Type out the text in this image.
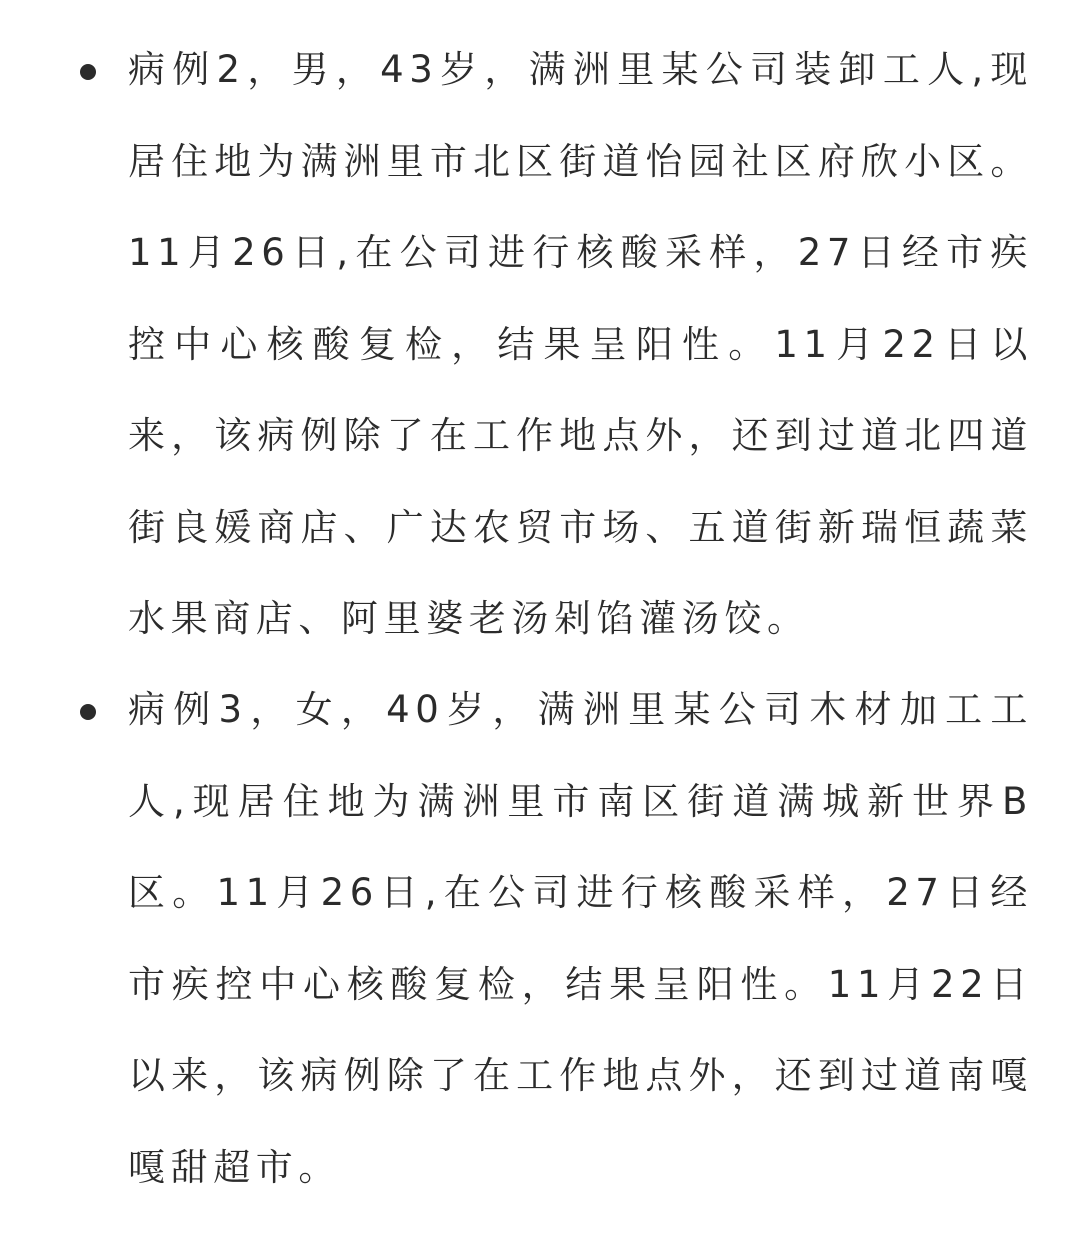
病例2，男，43岁，满洲里某公司装卸工人,现居住地为满洲里市北区街道怡园社区府欣小区。11月26日,在公司进行核酸采样，27日经市疾控中心核酸复检，结果呈阳性。11月22日以来，该病例除了在工作地点外，还到过道北四道街良媛商店、广达农贸市场、五道街新瑞恒蔬菜水果商店、阿里婆老汤剁馅灌汤饺。

病例3，女，40岁，满洲里某公司木材加工工人,现居住地为满洲里市南区街道满城新世界B区。11月26日,在公司进行核酸采样，27日经市疾控中心核酸复检，结果呈阳性。11月22日以来，该病例除了在工作地点外，还到过道南嘎嘎甜超市。
